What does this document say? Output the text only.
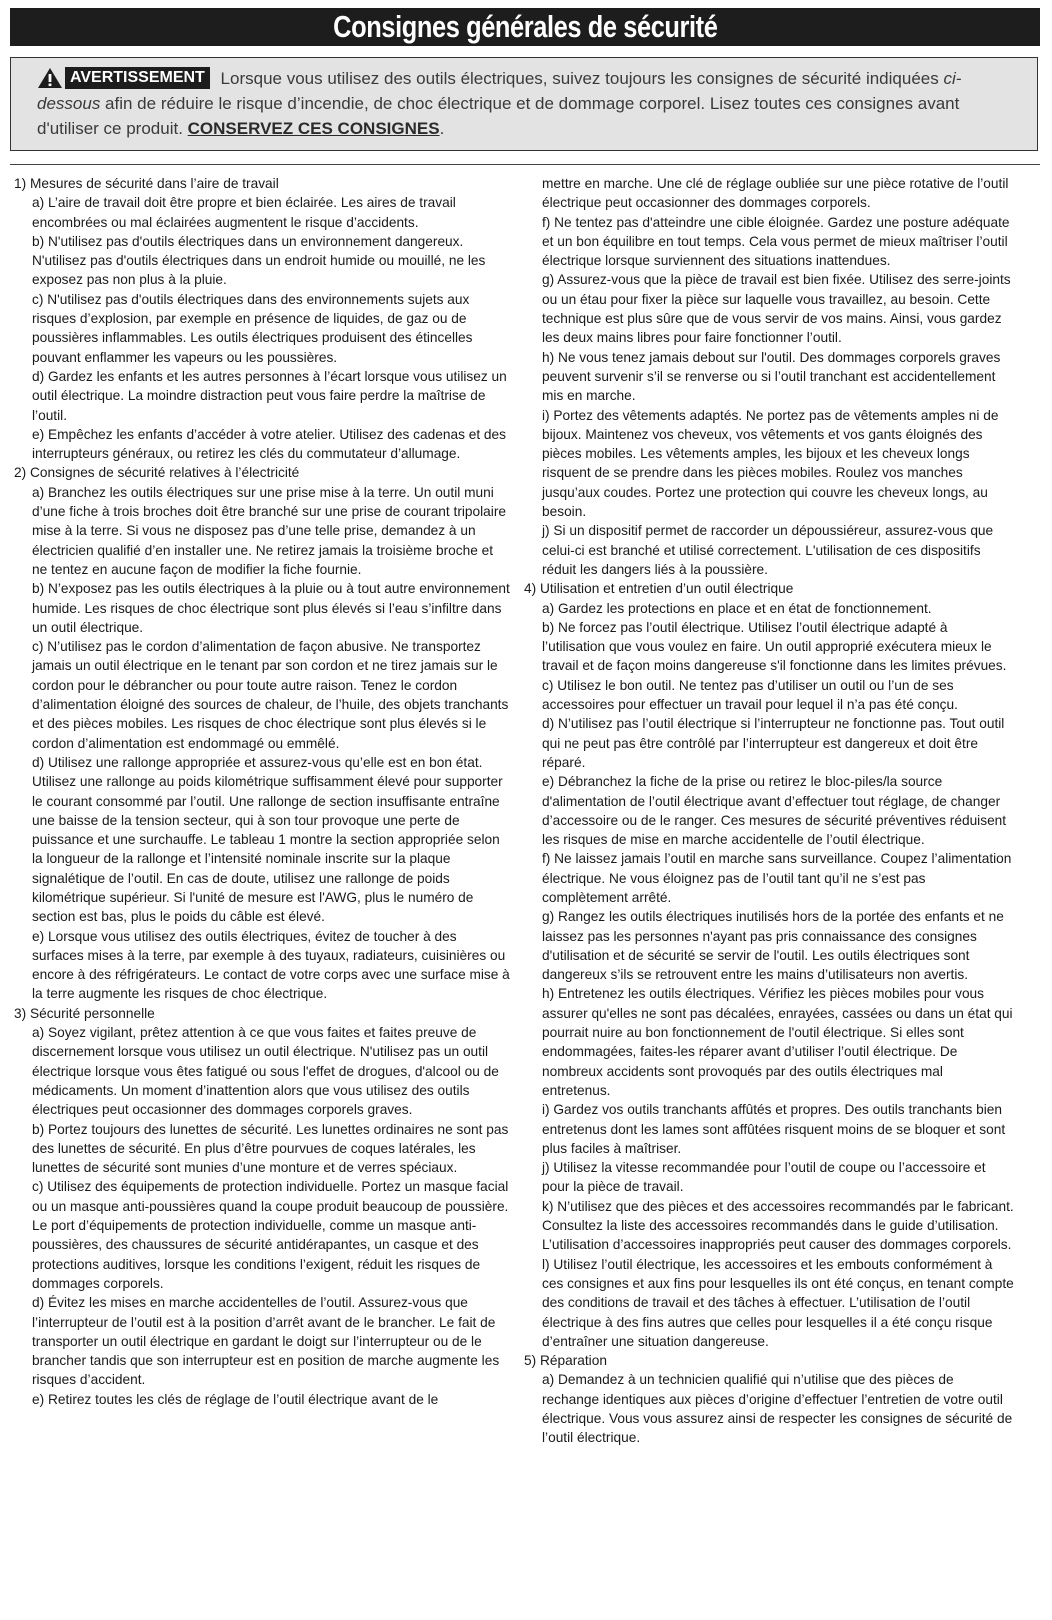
Consignes générales de sécurité
AVERTISSEMENT Lorsque vous utilisez des outils électriques, suivez toujours les consignes de sécurité indiquées ci-dessous afin de réduire le risque d’incendie, de choc électrique et de dommage corporel. Lisez toutes ces consignes avant d'utiliser ce produit. CONSERVEZ CES CONSIGNES.

1) Mesures de sécurité dans l’aire de travail

a) L’aire de travail doit être propre et bien éclairée. Les aires de travail encombrées ou mal éclairées augmentent le risque d’accidents.

b) N'utilisez pas d'outils électriques dans un environnement dangereux. N'utilisez pas d'outils électriques dans un endroit humide ou mouillé, ne les exposez pas non plus à la pluie.

c) N'utilisez pas d'outils électriques dans des environnements sujets aux risques d’explosion, par exemple en présence de liquides, de gaz ou de poussières inflammables. Les outils électriques produisent des étincelles pouvant enflammer les vapeurs ou les poussières.

d) Gardez les enfants et les autres personnes à l’écart lorsque vous utilisez un outil électrique. La moindre distraction peut vous faire perdre la maîtrise de l’outil.

e) Empêchez les enfants d’accéder à votre atelier. Utilisez des cadenas et des interrupteurs généraux, ou retirez les clés du commutateur d’allumage.

2) Consignes de sécurité relatives à l’électricité

a) Branchez les outils électriques sur une prise mise à la terre. Un outil muni d’une fiche à trois broches doit être branché sur une prise de courant tripolaire mise à la terre. Si vous ne disposez pas d’une telle prise, demandez à un électricien qualifié d’en installer une. Ne retirez jamais la troisième broche et ne tentez en aucune façon de modifier la fiche fournie.

b) N’exposez pas les outils électriques à la pluie ou à tout autre environnement humide. Les risques de choc électrique sont plus élevés si l’eau s’infiltre dans un outil électrique.

c) N’utilisez pas le cordon d’alimentation de façon abusive. Ne transportez jamais un outil électrique en le tenant par son cordon et ne tirez jamais sur le cordon pour le débrancher ou pour toute autre raison. Tenez le cordon d’alimentation éloigné des sources de chaleur, de l’huile, des objets tranchants et des pièces mobiles. Les risques de choc électrique sont plus élevés si le cordon d’alimentation est endommagé ou emmêlé.

d) Utilisez une rallonge appropriée et assurez-vous qu’elle est en bon état. Utilisez une rallonge au poids kilométrique suffisamment élevé pour supporter le courant consommé par l’outil. Une rallonge de section insuffisante entraîne une baisse de la tension secteur, qui à son tour provoque une perte de puissance et une surchauffe. Le tableau 1 montre la section appropriée selon la longueur de la rallonge et l’intensité nominale inscrite sur la plaque signalétique de l’outil. En cas de doute, utilisez une rallonge de poids kilométrique supérieur. Si l'unité de mesure est l'AWG, plus le numéro de section est bas, plus le poids du câble est élevé.

e) Lorsque vous utilisez des outils électriques, évitez de toucher à des surfaces mises à la terre, par exemple à des tuyaux, radiateurs, cuisinières ou encore à des réfrigérateurs. Le contact de votre corps avec une surface mise à la terre augmente les risques de choc électrique.

3) Sécurité personnelle

a) Soyez vigilant, prêtez attention à ce que vous faites et faites preuve de discernement lorsque vous utilisez un outil électrique. N'utilisez pas un outil électrique lorsque vous êtes fatigué ou sous l'effet de drogues, d'alcool ou de médicaments. Un moment d’inattention alors que vous utilisez des outils électriques peut occasionner des dommages corporels graves.

b) Portez toujours des lunettes de sécurité. Les lunettes ordinaires ne sont pas des lunettes de sécurité. En plus d’être pourvues de coques latérales, les lunettes de sécurité sont munies d’une monture et de verres spéciaux.

c) Utilisez des équipements de protection individuelle. Portez un masque facial ou un masque anti-poussières quand la coupe produit beaucoup de poussière. Le port d’équipements de protection individuelle, comme un masque anti-poussières, des chaussures de sécurité antidérapantes, un casque et des protections auditives, lorsque les conditions l’exigent, réduit les risques de dommages corporels.

d) Évitez les mises en marche accidentelles de l’outil. Assurez-vous que l’interrupteur de l’outil est à la position d’arrêt avant de le brancher. Le fait de transporter un outil électrique en gardant le doigt sur l’interrupteur ou de le brancher tandis que son interrupteur est en position de marche augmente les risques d’accident.

e) Retirez toutes les clés de réglage de l’outil électrique avant de le

mettre en marche. Une clé de réglage oubliée sur une pièce rotative de l’outil électrique peut occasionner des dommages corporels.

f) Ne tentez pas d'atteindre une cible éloignée. Gardez une posture adéquate et un bon équilibre en tout temps. Cela vous permet de mieux maîtriser l’outil électrique lorsque surviennent des situations inattendues.

g) Assurez-vous que la pièce de travail est bien fixée. Utilisez des serre-joints ou un étau pour fixer la pièce sur laquelle vous travaillez, au besoin. Cette technique est plus sûre que de vous servir de vos mains. Ainsi, vous gardez les deux mains libres pour faire fonctionner l’outil.

h) Ne vous tenez jamais debout sur l'outil. Des dommages corporels graves peuvent survenir s’il se renverse ou si l’outil tranchant est accidentellement mis en marche.

i) Portez des vêtements adaptés. Ne portez pas de vêtements amples ni de bijoux. Maintenez vos cheveux, vos vêtements et vos gants éloignés des pièces mobiles. Les vêtements amples, les bijoux et les cheveux longs risquent de se prendre dans les pièces mobiles. Roulez vos manches jusqu’aux coudes. Portez une protection qui couvre les cheveux longs, au besoin.

j) Si un dispositif permet de raccorder un dépoussiéreur, assurez-vous que celui-ci est branché et utilisé correctement. L'utilisation de ces dispositifs réduit les dangers liés à la poussière.

4) Utilisation et entretien d’un outil électrique

a) Gardez les protections en place et en état de fonctionnement.

b) Ne forcez pas l’outil électrique. Utilisez l’outil électrique adapté à l’utilisation que vous voulez en faire. Un outil approprié exécutera mieux le travail et de façon moins dangereuse s'il fonctionne dans les limites prévues.

c) Utilisez le bon outil. Ne tentez pas d’utiliser un outil ou l’un de ses accessoires pour effectuer un travail pour lequel il n’a pas été conçu.

d) N’utilisez pas l’outil électrique si l’interrupteur ne fonctionne pas. Tout outil qui ne peut pas être contrôlé par l’interrupteur est dangereux et doit être réparé.

e) Débranchez la fiche de la prise ou retirez le bloc-piles/la source d'alimentation de l’outil électrique avant d’effectuer tout réglage, de changer d’accessoire ou de le ranger. Ces mesures de sécurité préventives réduisent les risques de mise en marche accidentelle de l’outil électrique.

f) Ne laissez jamais l’outil en marche sans surveillance. Coupez l’alimentation électrique. Ne vous éloignez pas de l’outil tant qu’il ne s’est pas complètement arrêté.

g) Rangez les outils électriques inutilisés hors de la portée des enfants et ne laissez pas les personnes n'ayant pas pris connaissance des consignes d'utilisation et de sécurité se servir de l'outil. Les outils électriques sont dangereux s’ils se retrouvent entre les mains d’utilisateurs non avertis.

h) Entretenez les outils électriques. Vérifiez les pièces mobiles pour vous assurer qu'elles ne sont pas décalées, enrayées, cassées ou dans un état qui pourrait nuire au bon fonctionnement de l'outil électrique. Si elles sont endommagées, faites-les réparer avant d’utiliser l’outil électrique. De nombreux accidents sont provoqués par des outils électriques mal entretenus.

i) Gardez vos outils tranchants affûtés et propres. Des outils tranchants bien entretenus dont les lames sont affûtées risquent moins de se bloquer et sont plus faciles à maîtriser.

j) Utilisez la vitesse recommandée pour l’outil de coupe ou l’accessoire et pour la pièce de travail.

k) N’utilisez que des pièces et des accessoires recommandés par le fabricant. Consultez la liste des accessoires recommandés dans le guide d’utilisation. L’utilisation d’accessoires inappropriés peut causer des dommages corporels.

l) Utilisez l’outil électrique, les accessoires et les embouts conformément à ces consignes et aux fins pour lesquelles ils ont été conçus, en tenant compte des conditions de travail et des tâches à effectuer. L’utilisation de l’outil électrique à des fins autres que celles pour lesquelles il a été conçu risque d’entraîner une situation dangereuse.

5) Réparation

a) Demandez à un technicien qualifié qui n’utilise que des pièces de rechange identiques aux pièces d’origine d’effectuer l’entretien de votre outil électrique. Vous vous assurez ainsi de respecter les consignes de sécurité de l’outil électrique.
